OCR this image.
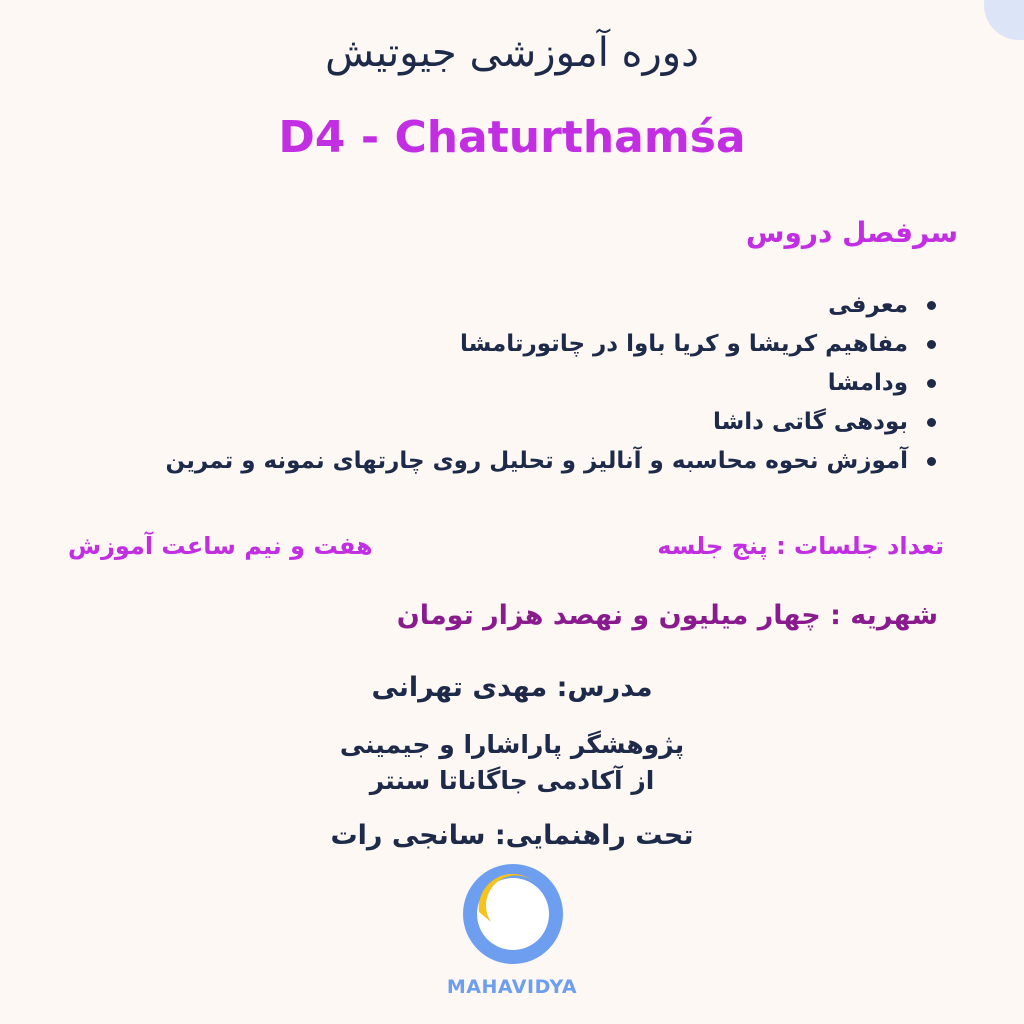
دوره آموزشی جیوتیش
D4 - Chaturthamśa
سرفصل دروس
معرفی
مفاهیم کریشا و کریا باوا در چاتورتامشا
ودامشا
بودهی گاتی داشا
آموزش نحوه محاسبه و آنالیز و تحلیل روی چارتهای نمونه و تمرین
تعداد جلسات : پنج جلسه
هفت و نیم ساعت آموزش
شهریه : چهار میلیون و نهصد هزار تومان
مدرس: مهدی تهرانی
پژوهشگر پاراشارا و جیمینی
از آکادمی جاگاناتا سنتر
تحت راهنمایی: سانجی رات
MAHAVIDYA
